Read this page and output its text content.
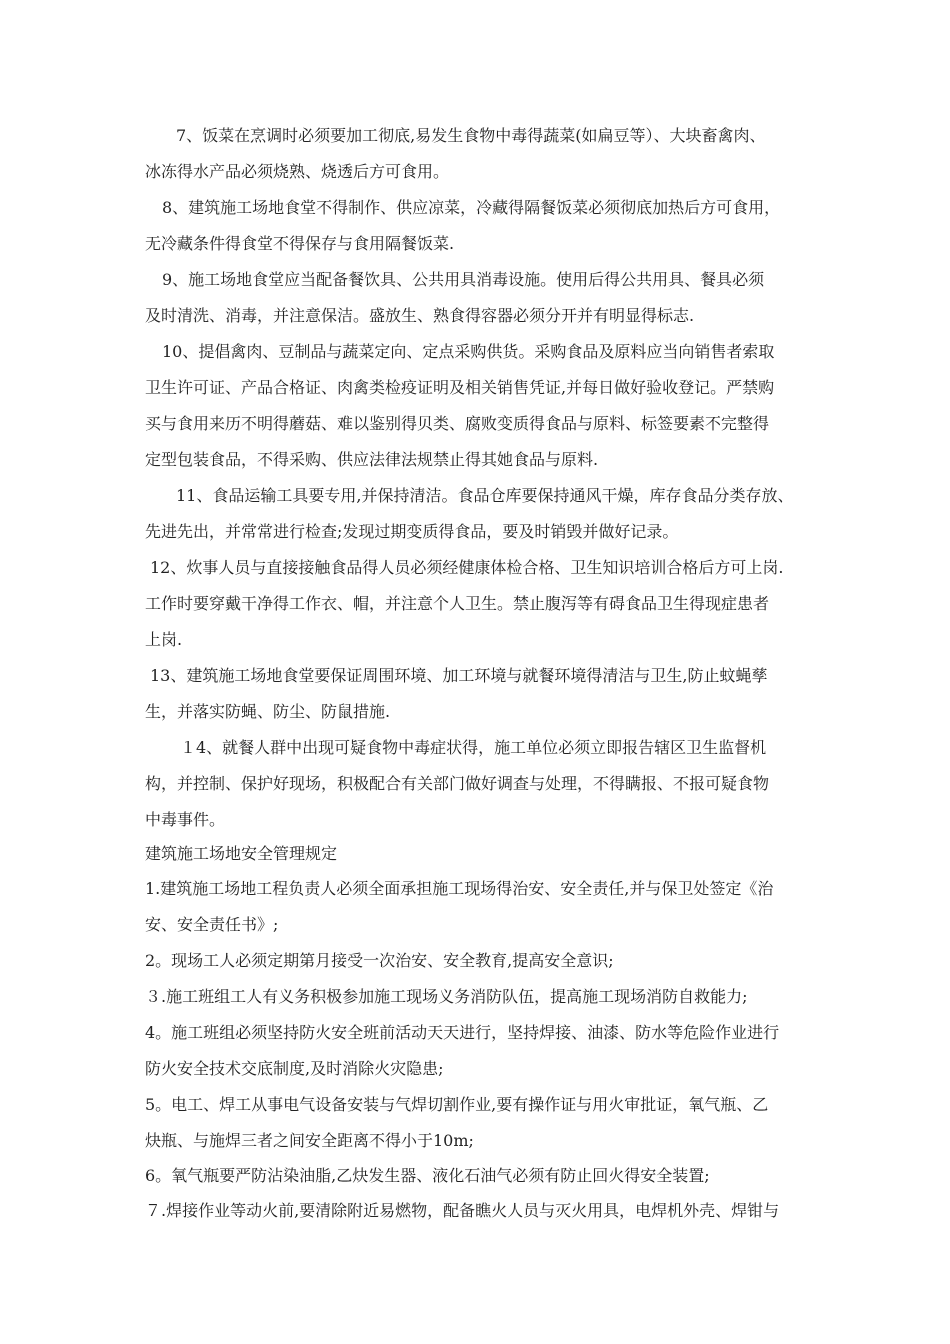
7、饭菜在烹调时必须要加工彻底,易发生食物中毒得蔬菜(如扁豆等）、大块畜禽肉、
冰冻得水产品必须烧熟、烧透后方可食用。
8、建筑施工场地食堂不得制作、供应凉菜，冷藏得隔餐饭菜必须彻底加热后方可食用，
无冷藏条件得食堂不得保存与食用隔餐饭菜.
9、施工场地食堂应当配备餐饮具、公共用具消毒设施。使用后得公共用具、餐具必须
及时清洗、消毒，并注意保洁。盛放生、熟食得容器必须分开并有明显得标志.
10、提倡禽肉、豆制品与蔬菜定向、定点采购供货。采购食品及原料应当向销售者索取
卫生许可证、产品合格证、肉禽类检疫证明及相关销售凭证,并每日做好验收登记。严禁购
买与食用来历不明得蘑菇、难以鉴别得贝类、腐败变质得食品与原料、标签要素不完整得
定型包装食品，不得采购、供应法律法规禁止得其她食品与原料.
11、食品运输工具要专用,并保持清洁。食品仓库要保持通风干燥，库存食品分类存放、
先进先出，并常常进行检查;发现过期变质得食品，要及时销毁并做好记录。
12、炊事人员与直接接触食品得人员必须经健康体检合格、卫生知识培训合格后方可上岗.
工作时要穿戴干净得工作衣、帽，并注意个人卫生。禁止腹泻等有碍食品卫生得现症患者
上岗.
13、建筑施工场地食堂要保证周围环境、加工环境与就餐环境得清洁与卫生,防止蚊蝇孳
生，并落实防蝇、防尘、防鼠措施.
１4、就餐人群中出现可疑食物中毒症状得，施工单位必须立即报告辖区卫生监督机
构，并控制、保护好现场，积极配合有关部门做好调查与处理，不得瞒报、不报可疑食物
中毒事件。
建筑施工场地安全管理规定
1.建筑施工场地工程负责人必须全面承担施工现场得治安、安全责任,并与保卫处签定《治
安、安全责任书》;
2。现场工人必须定期第月接受一次治安、安全教育,提高安全意识;
３.施工班组工人有义务积极参加施工现场义务消防队伍，提高施工现场消防自救能力;
4。施工班组必须坚持防火安全班前活动天天进行，坚持焊接、油漆、防水等危险作业进行
防火安全技术交底制度,及时消除火灾隐患;
5。电工、焊工从事电气设备安装与气焊切割作业,要有操作证与用火审批证，氧气瓶、乙
炔瓶、与施焊三者之间安全距离不得小于10m;
6。氧气瓶要严防沾染油脂,乙炔发生器、液化石油气必须有防止回火得安全装置;
７.焊接作业等动火前,要清除附近易燃物，配备瞧火人员与灭火用具，电焊机外壳、焊钳与
